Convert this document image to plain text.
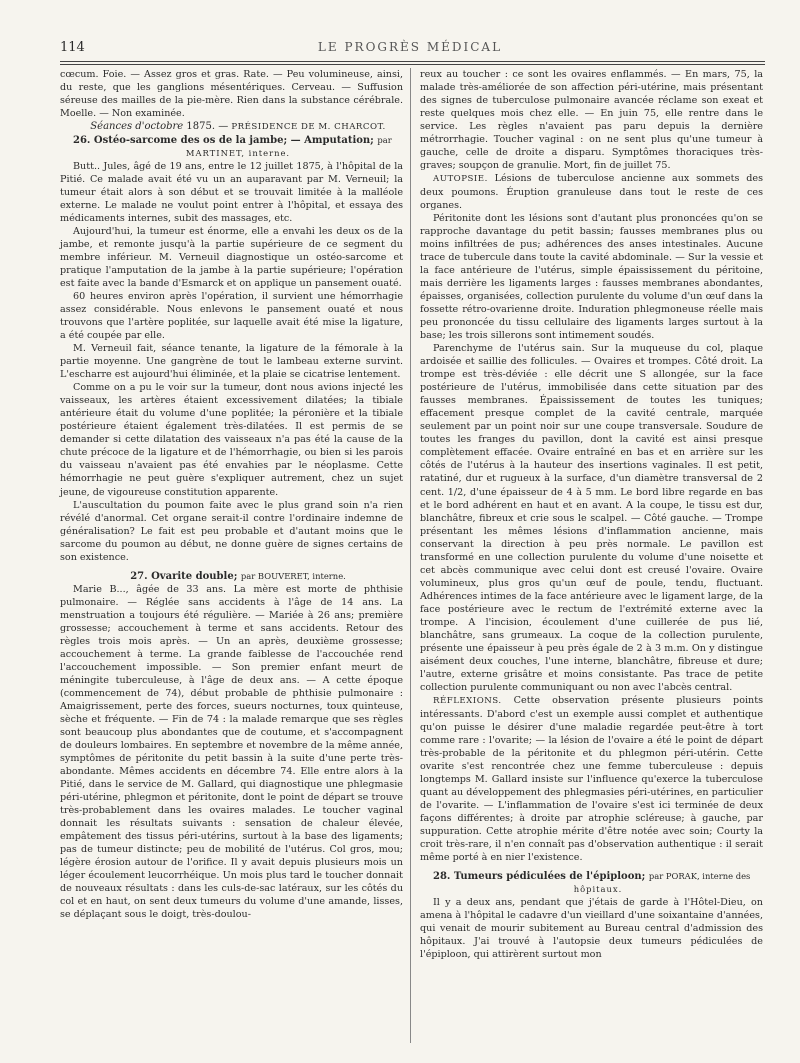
114	LE PROGRÈS MÉDICAL

cœcum. Foie. — Assez gros et gras. Rate. — Peu volumineuse, ainsi, du reste, que les ganglions mésentériques. Cerveau. — Suffusion séreuse des mailles de la pie-mère. Rien dans la substance cérébrale. Moelle. — Non examinée.

Séances d'octobre 1875. — PRÉSIDENCE DE M. CHARCOT.

26. Ostéo-sarcome des os de la jambe; — Amputation; par

MARTINET, interne.

Butt.. Jules, âgé de 19 ans, entre le 12 juillet 1875, à l'hôpital de la Pitié. Ce malade avait été vu un an auparavant par M. Verneuil; la tumeur était alors à son début et se trouvait limitée à la malléole externe. Le malade ne voulut point entrer à l'hôpital, et essaya des médicaments internes, subit des massages, etc.

Aujourd'hui, la tumeur est énorme, elle a envahi les deux os de la jambe, et remonte jusqu'à la partie supérieure de ce segment du membre inférieur. M. Verneuil diagnostique un ostéo-sarcome et pratique l'amputation de la jambe à la partie supérieure; l'opération est faite avec la bande d'Esmarck et on applique un pansement ouaté.

60 heures environ après l'opération, il survient une hémorrhagie assez considérable. Nous enlevons le pansement ouaté et nous trouvons que l'artère poplitée, sur laquelle avait été mise la ligature, a été coupée par elle.

M. Verneuil fait, séance tenante, la ligature de la fémorale à la partie moyenne. Une gangrène de tout le lambeau externe survint. L'escharre est aujourd'hui éliminée, et la plaie se cicatrise lentement.

Comme on a pu le voir sur la tumeur, dont nous avions injecté les vaisseaux, les artères étaient excessivement dilatées; la tibiale antérieure était du volume d'une poplitée; la péronière et la tibiale postérieure étaient également très-dilatées. Il est permis de se demander si cette dilatation des vaisseaux n'a pas été la cause de la chute précoce de la ligature et de l'hémorrhagie, ou bien si les parois du vaisseau n'avaient pas été envahies par le néoplasme. Cette hémorrhagie ne peut guère s'expliquer autrement, chez un sujet jeune, de vigoureuse constitution apparente.

L'auscultation du poumon faite avec le plus grand soin n'a rien révélé d'anormal. Cet organe serait-il contre l'ordinaire indemne de généralisation? Le fait est peu probable et d'autant moins que le sarcome du poumon au début, ne donne guère de signes certains de son existence.

27. Ovarite double; par BOUVERET, interne.

Marie B..., âgée de 33 ans. La mère est morte de phthisie pulmonaire. — Réglée sans accidents à l'âge de 14 ans. La menstruation a toujours été régulière. — Mariée à 26 ans; première grossesse; accouchement à terme et sans accidents. Retour des règles trois mois après. — Un an après, deuxième grossesse; accouchement à terme. La grande faiblesse de l'accouchée rend l'accouchement impossible. — Son premier enfant meurt de méningite tuberculeuse, à l'âge de deux ans. — A cette époque (commencement de 74), début probable de phthisie pulmonaire : Amaigrissement, perte des forces, sueurs nocturnes, toux quinteuse, sèche et fréquente. — Fin de 74 : la malade remarque que ses règles sont beaucoup plus abondantes que de coutume, et s'accompagnent de douleurs lombaires. En septembre et novembre de la même année, symptômes de péritonite du petit bassin à la suite d'une perte très-abondante. Mêmes accidents en décembre 74. Elle entre alors à la Pitié, dans le service de M. Gallard, qui diagnostique une phlegmasie péri-utérine, phlegmon et péritonite, dont le point de départ se trouve très-probablement dans les ovaires malades. Le toucher vaginal donnait les résultats suivants : sensation de chaleur élevée, empâtement des tissus péri-utérins, surtout à la base des ligaments; pas de tumeur distincte; peu de mobilité de l'utérus. Col gros, mou; légère érosion autour de l'orifice. Il y avait depuis plusieurs mois un léger écoulement leucorrhéique. Un mois plus tard le toucher donnait de nouveaux résultats : dans les culs-de-sac latéraux, sur les côtés du col et en haut, on sent deux tumeurs du volume d'une amande, lisses, se déplaçant sous le doigt, très-doulou-

reux au toucher : ce sont les ovaires enflammés. — En mars, 75, la malade très-améliorée de son affection péri-utérine, mais présentant des signes de tuberculose pulmonaire avancée réclame son exeat et reste quelques mois chez elle. — En juin 75, elle rentre dans le service. Les règles n'avaient pas paru depuis la dernière métrorrhagie. Toucher vaginal : on ne sent plus qu'une tumeur à gauche, celle de droite a disparu. Symptômes thoraciques très-graves; soupçon de granulie. Mort, fin de juillet 75.

AUTOPSIE. Lésions de tuberculose ancienne aux sommets des deux poumons. Éruption granuleuse dans tout le reste de ces organes.

Péritonite dont les lésions sont d'autant plus prononcées qu'on se rapproche davantage du petit bassin; fausses membranes plus ou moins infiltrées de pus; adhérences des anses intestinales. Aucune trace de tubercule dans toute la cavité abdominale. — Sur la vessie et la face antérieure de l'utérus, simple épaississement du péritoine, mais derrière les ligaments larges : fausses membranes abondantes, épaisses, organisées, collection purulente du volume d'un œuf dans la fossette rétro-ovarienne droite. Induration phlegmoneuse réelle mais peu prononcée du tissu cellulaire des ligaments larges surtout à la base; les trois sillerons sont intimement soudés.

Parenchyme de l'utérus sain. Sur la muqueuse du col, plaque ardoisée et saillie des follicules. — Ovaires et trompes. Côté droit. La trompe est très-déviée : elle décrit une S allongée, sur la face postérieure de l'utérus, immobilisée dans cette situation par des fausses membranes. Épaississement de toutes les tuniques; effacement presque complet de la cavité centrale, marquée seulement par un point noir sur une coupe transversale. Soudure de toutes les franges du pavillon, dont la cavité est ainsi presque complètement effacée. Ovaire entraîné en bas et en arrière sur les côtés de l'utérus à la hauteur des insertions vaginales. Il est petit, ratatiné, dur et rugueux à la surface, d'un diamètre transversal de 2 cent. 1/2, d'une épaisseur de 4 à 5 mm. Le bord libre regarde en bas et le bord adhérent en haut et en avant. A la coupe, le tissu est dur, blanchâtre, fibreux et crie sous le scalpel. — Côté gauche. — Trompe présentant les mêmes lésions d'inflammation ancienne, mais conservant la direction à peu près normale. Le pavillon est transformé en une collection purulente du volume d'une noisette et cet abcès communique avec celui dont est creusé l'ovaire. Ovaire volumineux, plus gros qu'un œuf de poule, tendu, fluctuant. Adhérences intimes de la face antérieure avec le ligament large, de la face postérieure avec le rectum de l'extrémité externe avec la trompe. A l'incision, écoulement d'une cuillerée de pus lié, blanchâtre, sans grumeaux. La coque de la collection purulente, présente une épaisseur à peu près égale de 2 à 3 m.m. On y distingue aisément deux couches, l'une interne, blanchâtre, fibreuse et dure; l'autre, externe grisâtre et moins consistante. Pas trace de petite collection purulente communiquant ou non avec l'abcès central.

RÉFLEXIONS. Cette observation présente plusieurs points intéressants. D'abord c'est un exemple aussi complet et authentique qu'on puisse le désirer d'une maladie regardée peut-être à tort comme rare : l'ovarite; — la lésion de l'ovaire a été le point de départ très-probable de la péritonite et du phlegmon péri-utérin. Cette ovarite s'est rencontrée chez une femme tuberculeuse : depuis longtemps M. Gallard insiste sur l'influence qu'exerce la tuberculose quant au développement des phlegmasies péri-utérines, en particulier de l'ovarite. — L'inflammation de l'ovaire s'est ici terminée de deux façons différentes; à droite par atrophie scléreuse; à gauche, par suppuration. Cette atrophie mérite d'être notée avec soin; Courty la croit très-rare, il n'en connaît pas d'observation authentique : il serait même porté à en nier l'existence.

28. Tumeurs pédiculées de l'épiploon; par PORAK, interne des

hôpitaux.

Il y a deux ans, pendant que j'étais de garde à l'Hôtel-Dieu, on amena à l'hôpital le cadavre d'un vieillard d'une soixantaine d'années, qui venait de mourir subitement au Bureau central d'admission des hôpitaux. J'ai trouvé à l'autopsie deux tumeurs pédiculées de l'épiploon, qui attirèrent surtout mon
